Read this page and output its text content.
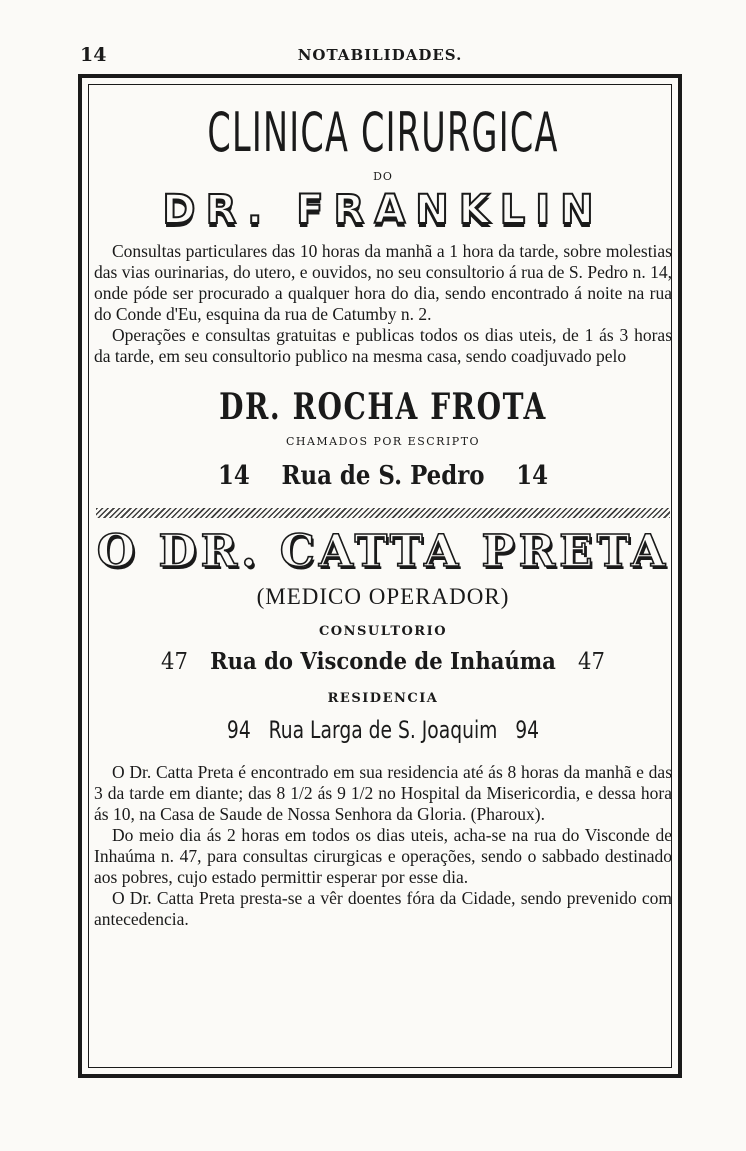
14	NOTABILIDADES.
CLINICA CIRURGICA
DO
DR. FRANKLIN

Consultas particulares das 10 horas da manhã a 1 hora da tarde, sobre molestias das vias ourinarias, do utero, e ouvidos, no seu consultorio á rua de S. Pedro n. 14, onde póde ser procurado a qualquer hora do dia, sendo encontrado á noite na rua do Conde d'Eu, esquina da rua de Catumby n. 2.

Operações e consultas gratuitas e publicas todos os dias uteis, de 1 ás 3 horas da tarde, em seu consultorio publico na mesma casa, sendo coadjuvado pelo

DR. ROCHA FROTA
CHAMADOS POR ESCRIPTO
14 Rua de S. Pedro 14
O DR. CATTA PRETA
(MEDICO OPERADOR)
CONSULTORIO
47 Rua do Visconde de Inhaúma 47
RESIDENCIA
94 Rua Larga de S. Joaquim 94

O Dr. Catta Preta é encontrado em sua residencia até ás 8 horas da manhã e das 3 da tarde em diante; das 8 1/2 ás 9 1/2 no Hospital da Misericordia, e dessa hora ás 10, na Casa de Saude de Nossa Senhora da Gloria. (Pharoux).

Do meio dia ás 2 horas em todos os dias uteis, acha-se na rua do Visconde de Inhaúma n. 47, para consultas cirurgicas e operações, sendo o sabbado destinado aos pobres, cujo estado permittir esperar por esse dia.

O Dr. Catta Preta presta-se a vêr doentes fóra da Cidade, sendo prevenido com antecedencia.
